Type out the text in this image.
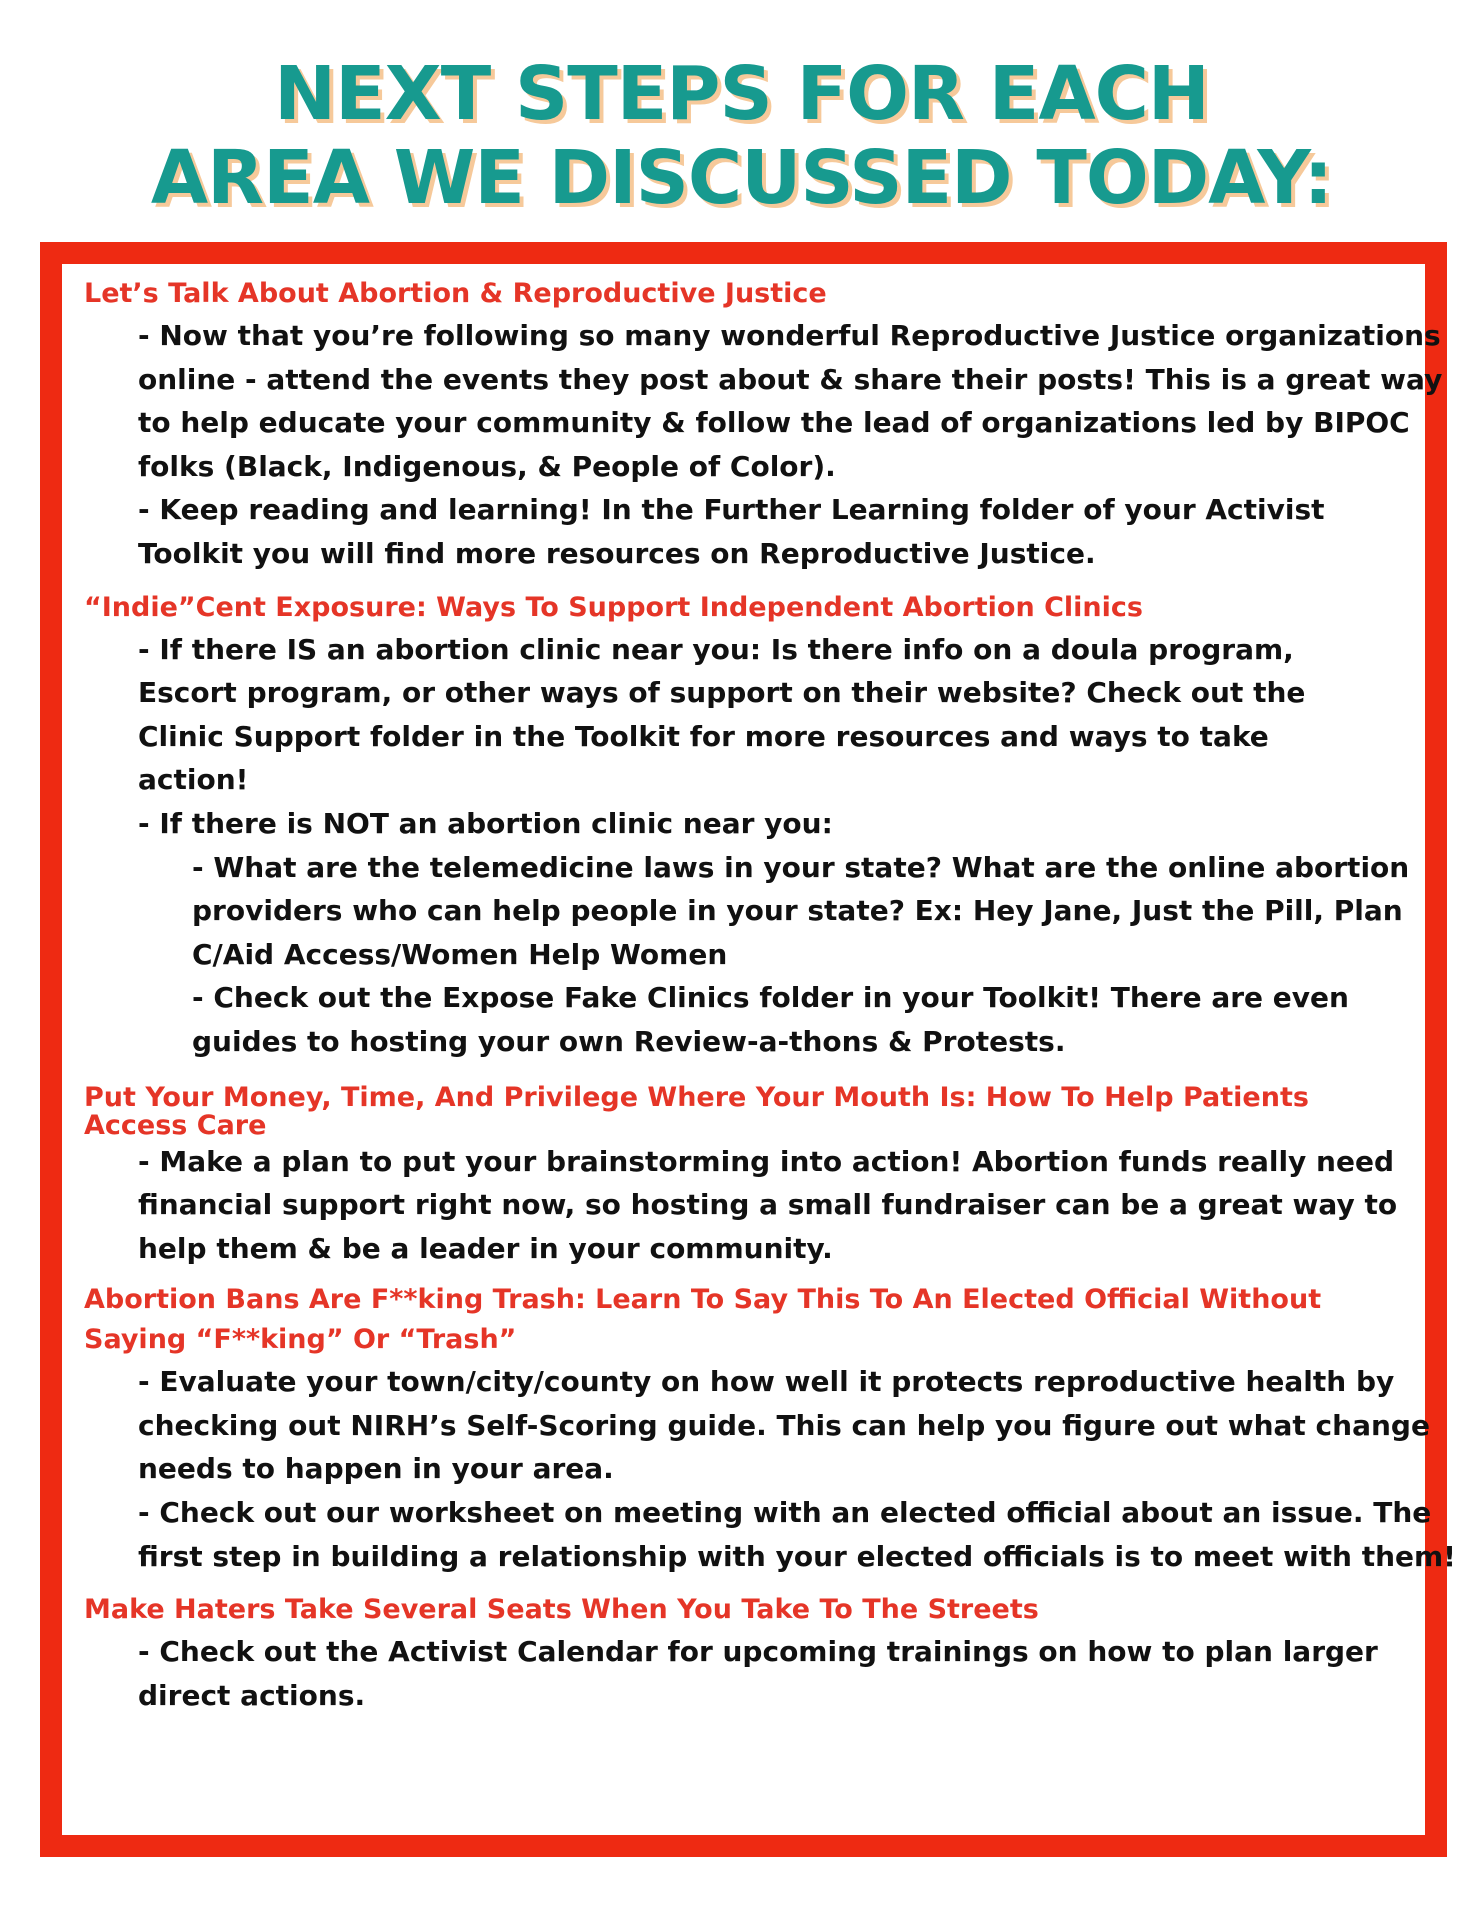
NEXT STEPS FOR EACH
AREA WE DISCUSSED TODAY:

Let’s Talk About Abortion & Reproductive Justice

- Now that you’re following so many wonderful Reproductive Justice organizations online - attend the events they post about & share their posts! This is a great way to help educate your community & follow the lead of organizations led by BIPOC folks (Black, Indigenous, & People of Color).

- Keep reading and learning! In the Further Learning folder of your Activist Toolkit you will find more resources on Reproductive Justice.

“Indie”Cent Exposure: Ways To Support Independent Abortion Clinics

- If there IS an abortion clinic near you: Is there info on a doula program, Escort program, or other ways of support on their website? Check out the Clinic Support folder in the Toolkit for more resources and ways to take action!

- If there is NOT an abortion clinic near you:

- What are the telemedicine laws in your state? What are the online abortion providers who can help people in your state? Ex: Hey Jane, Just the Pill, Plan C/Aid Access/Women Help Women

- Check out the Expose Fake Clinics folder in your Toolkit! There are even guides to hosting your own Review-a-thons & Protests.

Put Your Money, Time, And Privilege Where Your Mouth Is: How To Help Patients Access Care

- Make a plan to put your brainstorming into action! Abortion funds really need financial support right now, so hosting a small fundraiser can be a great way to help them & be a leader in your community.

Abortion Bans Are F**king Trash: Learn To Say This To An Elected Official Without Saying “F**king” Or “Trash”

- Evaluate your town/city/county on how well it protects reproductive health by checking out NIRH’s Self-Scoring guide. This can help you figure out what change needs to happen in your area.

- Check out our worksheet on meeting with an elected official about an issue. The first step in building a relationship with your elected officials is to meet with them!

Make Haters Take Several Seats When You Take To The Streets

- Check out the Activist Calendar for upcoming trainings on how to plan larger direct actions.
